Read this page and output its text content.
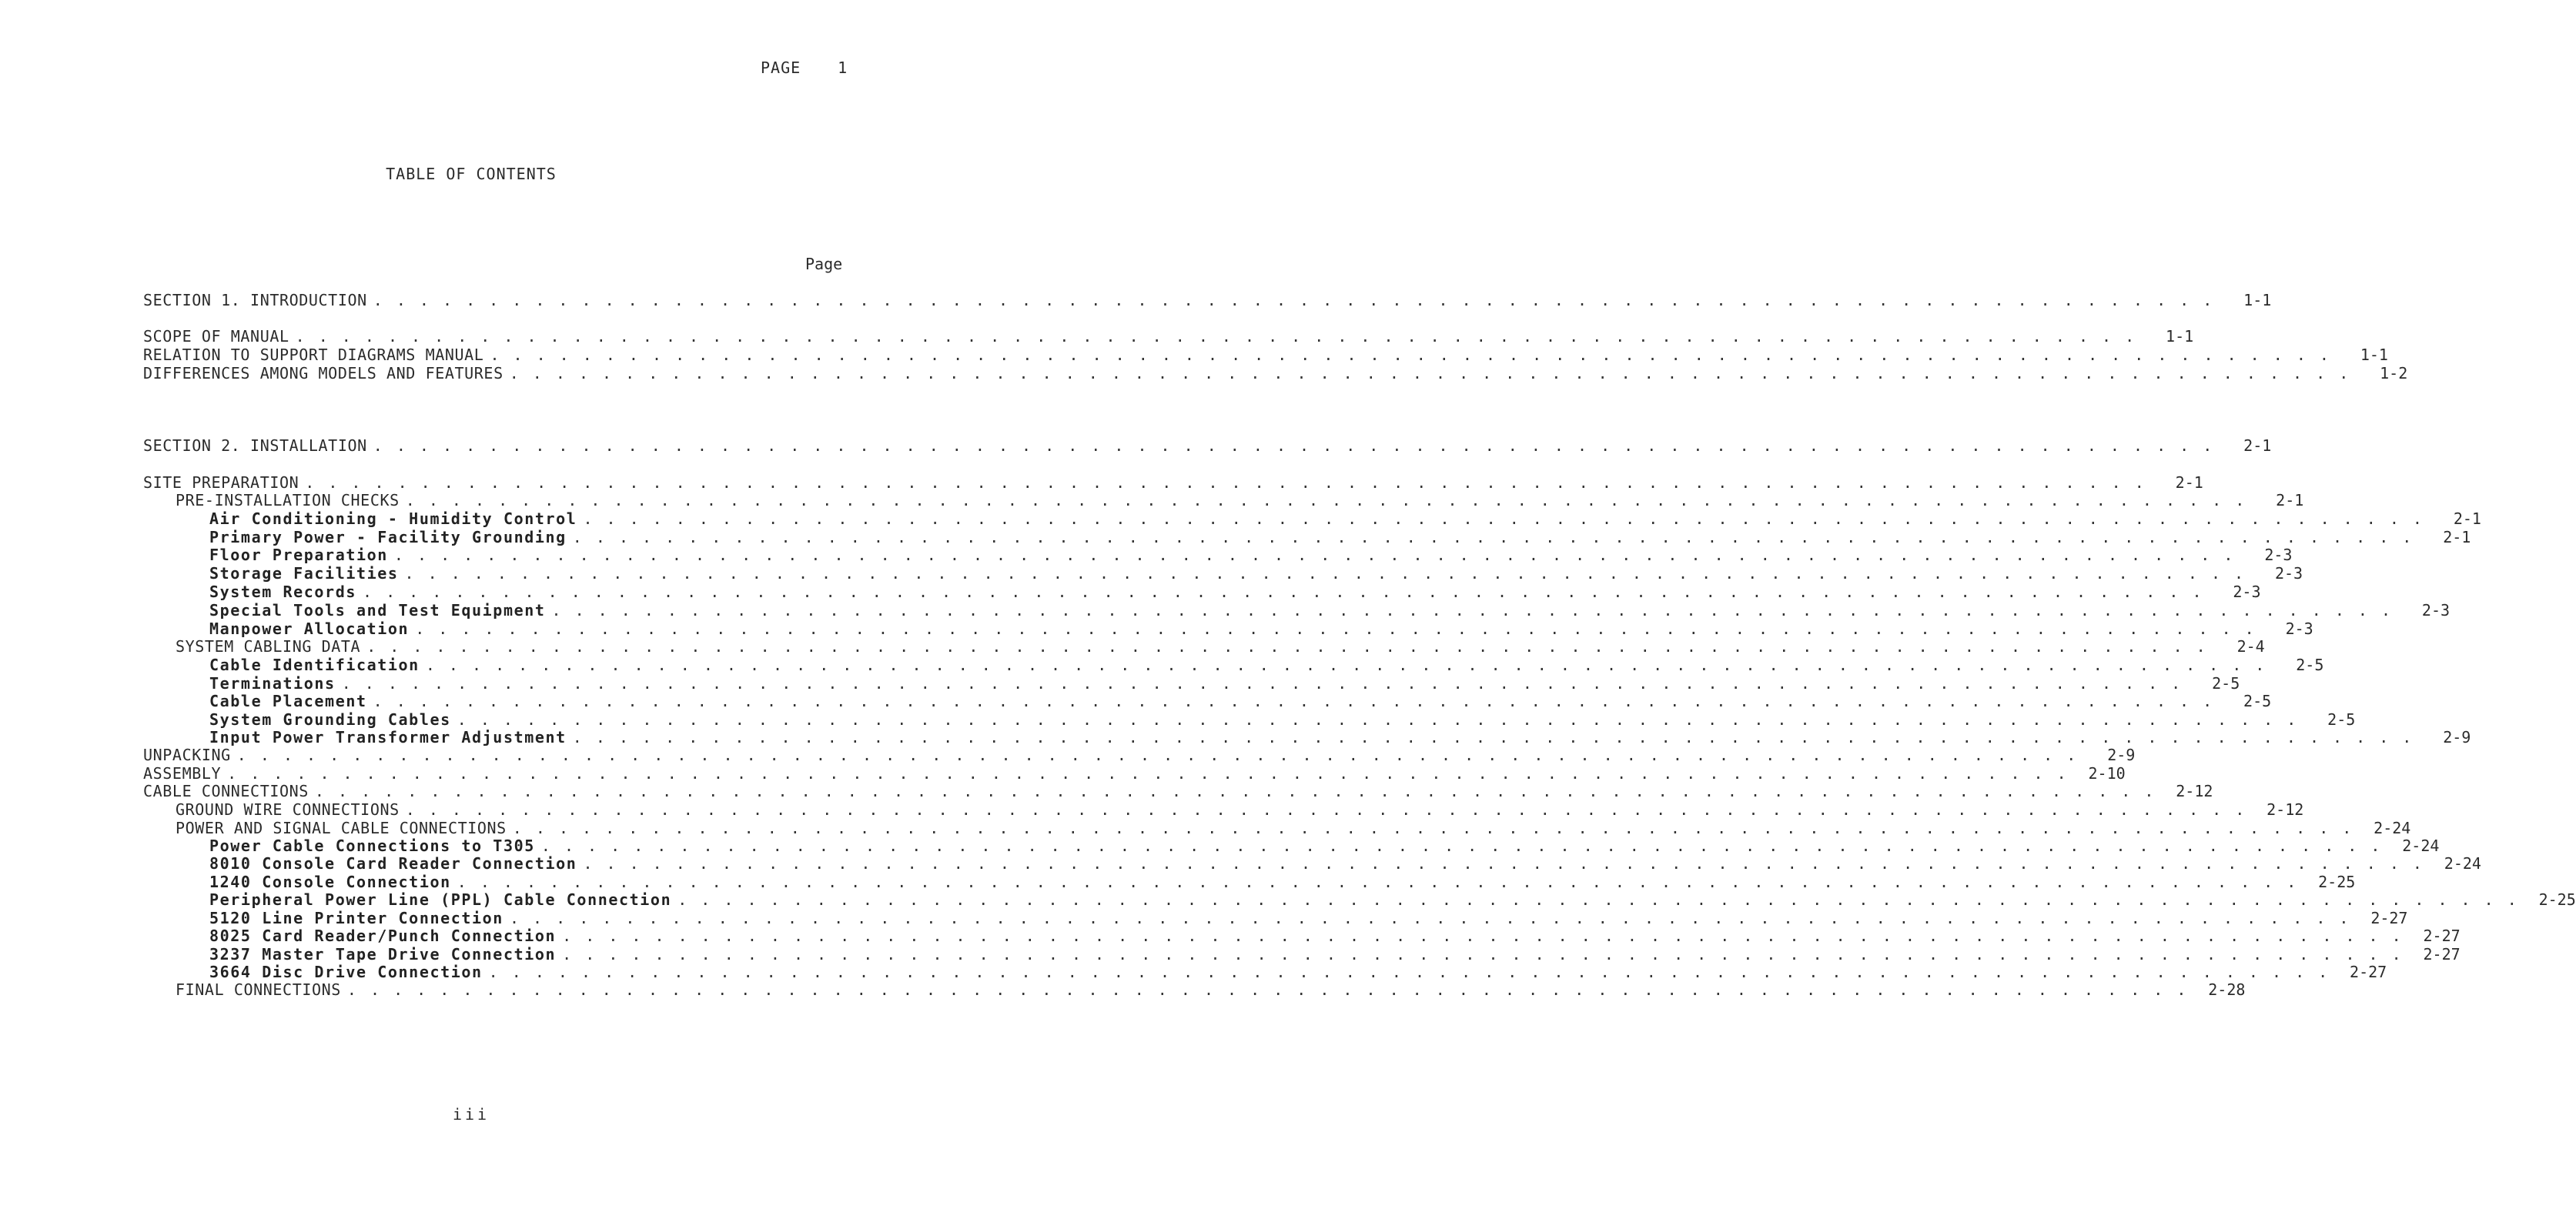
PAGE 1
TABLE OF CONTENTS
Page
SECTION 1. INTRODUCTION . . . . . . . . . . . . . . . . . . . . . . . . . . . . . . . . . . . . . . . . . . . . . . . . . . . . . . . . . . . . . . . . . . . . . . . . . . . . . . . .	1-1
SCOPE OF MANUAL . . . . . . . . . . . . . . . . . . . . . . . . . . . . . . . . . . . . . . . . . . . . . . . . . . . . . . . . . . . . . . . . . . . . . . . . . . . . . . . .	1-1
RELATION TO SUPPORT DIAGRAMS MANUAL . . . . . . . . . . . . . . . . . . . . . . . . . . . . . . . . . . . . . . . . . . . . . . . . . . . . . . . . . . . . . . . . . . . . . . . . . . . . . . . .	1-1
DIFFERENCES AMONG MODELS AND FEATURES . . . . . . . . . . . . . . . . . . . . . . . . . . . . . . . . . . . . . . . . . . . . . . . . . . . . . . . . . . . . . . . . . . . . . . . . . . . . . . . .	1-2
SECTION 2. INSTALLATION . . . . . . . . . . . . . . . . . . . . . . . . . . . . . . . . . . . . . . . . . . . . . . . . . . . . . . . . . . . . . . . . . . . . . . . . . . . . . . . .	2-1
SITE PREPARATION . . . . . . . . . . . . . . . . . . . . . . . . . . . . . . . . . . . . . . . . . . . . . . . . . . . . . . . . . . . . . . . . . . . . . . . . . . . . . . . .	2-1
PRE-INSTALLATION CHECKS . . . . . . . . . . . . . . . . . . . . . . . . . . . . . . . . . . . . . . . . . . . . . . . . . . . . . . . . . . . . . . . . . . . . . . . . . . . . . . . .	2-1
Air Conditioning - Humidity Control . . . . . . . . . . . . . . . . . . . . . . . . . . . . . . . . . . . . . . . . . . . . . . . . . . . . . . . . . . . . . . . . . . . . . . . . . . . . . . . .	2-1
Primary Power - Facility Grounding . . . . . . . . . . . . . . . . . . . . . . . . . . . . . . . . . . . . . . . . . . . . . . . . . . . . . . . . . . . . . . . . . . . . . . . . . . . . . . . .	2-1
Floor Preparation . . . . . . . . . . . . . . . . . . . . . . . . . . . . . . . . . . . . . . . . . . . . . . . . . . . . . . . . . . . . . . . . . . . . . . . . . . . . . . . .	2-3
Storage Facilities . . . . . . . . . . . . . . . . . . . . . . . . . . . . . . . . . . . . . . . . . . . . . . . . . . . . . . . . . . . . . . . . . . . . . . . . . . . . . . . .	2-3
System Records . . . . . . . . . . . . . . . . . . . . . . . . . . . . . . . . . . . . . . . . . . . . . . . . . . . . . . . . . . . . . . . . . . . . . . . . . . . . . . . .	2-3
Special Tools and Test Equipment . . . . . . . . . . . . . . . . . . . . . . . . . . . . . . . . . . . . . . . . . . . . . . . . . . . . . . . . . . . . . . . . . . . . . . . . . . . . . . . .	2-3
Manpower Allocation . . . . . . . . . . . . . . . . . . . . . . . . . . . . . . . . . . . . . . . . . . . . . . . . . . . . . . . . . . . . . . . . . . . . . . . . . . . . . . . .	2-3
SYSTEM CABLING DATA . . . . . . . . . . . . . . . . . . . . . . . . . . . . . . . . . . . . . . . . . . . . . . . . . . . . . . . . . . . . . . . . . . . . . . . . . . . . . . . .	2-4
Cable Identification . . . . . . . . . . . . . . . . . . . . . . . . . . . . . . . . . . . . . . . . . . . . . . . . . . . . . . . . . . . . . . . . . . . . . . . . . . . . . . . .	2-5
Terminations . . . . . . . . . . . . . . . . . . . . . . . . . . . . . . . . . . . . . . . . . . . . . . . . . . . . . . . . . . . . . . . . . . . . . . . . . . . . . . . .	2-5
Cable Placement . . . . . . . . . . . . . . . . . . . . . . . . . . . . . . . . . . . . . . . . . . . . . . . . . . . . . . . . . . . . . . . . . . . . . . . . . . . . . . . .	2-5
System Grounding Cables . . . . . . . . . . . . . . . . . . . . . . . . . . . . . . . . . . . . . . . . . . . . . . . . . . . . . . . . . . . . . . . . . . . . . . . . . . . . . . . .	2-5
Input Power Transformer Adjustment . . . . . . . . . . . . . . . . . . . . . . . . . . . . . . . . . . . . . . . . . . . . . . . . . . . . . . . . . . . . . . . . . . . . . . . . . . . . . . . .	2-9
UNPACKING . . . . . . . . . . . . . . . . . . . . . . . . . . . . . . . . . . . . . . . . . . . . . . . . . . . . . . . . . . . . . . . . . . . . . . . . . . . . . . . .	2-9
ASSEMBLY . . . . . . . . . . . . . . . . . . . . . . . . . . . . . . . . . . . . . . . . . . . . . . . . . . . . . . . . . . . . . . . . . . . . . . . . . . . . . . . .	2-10
CABLE CONNECTIONS . . . . . . . . . . . . . . . . . . . . . . . . . . . . . . . . . . . . . . . . . . . . . . . . . . . . . . . . . . . . . . . . . . . . . . . . . . . . . . . .	2-12
GROUND WIRE CONNECTIONS . . . . . . . . . . . . . . . . . . . . . . . . . . . . . . . . . . . . . . . . . . . . . . . . . . . . . . . . . . . . . . . . . . . . . . . . . . . . . . . .	2-12
POWER AND SIGNAL CABLE CONNECTIONS . . . . . . . . . . . . . . . . . . . . . . . . . . . . . . . . . . . . . . . . . . . . . . . . . . . . . . . . . . . . . . . . . . . . . . . . . . . . . . . .	2-24
Power Cable Connections to T305 . . . . . . . . . . . . . . . . . . . . . . . . . . . . . . . . . . . . . . . . . . . . . . . . . . . . . . . . . . . . . . . . . . . . . . . . . . . . . . . .	2-24
8010 Console Card Reader Connection . . . . . . . . . . . . . . . . . . . . . . . . . . . . . . . . . . . . . . . . . . . . . . . . . . . . . . . . . . . . . . . . . . . . . . . . . . . . . . . .	2-24
1240 Console Connection . . . . . . . . . . . . . . . . . . . . . . . . . . . . . . . . . . . . . . . . . . . . . . . . . . . . . . . . . . . . . . . . . . . . . . . . . . . . . . . .	2-25
Peripheral Power Line (PPL) Cable Connection . . . . . . . . . . . . . . . . . . . . . . . . . . . . . . . . . . . . . . . . . . . . . . . . . . . . . . . . . . . . . . . . . . . . . . . . . . . . . . . .	2-25
5120 Line Printer Connection . . . . . . . . . . . . . . . . . . . . . . . . . . . . . . . . . . . . . . . . . . . . . . . . . . . . . . . . . . . . . . . . . . . . . . . . . . . . . . . .	2-27
8025 Card Reader/Punch Connection . . . . . . . . . . . . . . . . . . . . . . . . . . . . . . . . . . . . . . . . . . . . . . . . . . . . . . . . . . . . . . . . . . . . . . . . . . . . . . . .	2-27
3237 Master Tape Drive Connection . . . . . . . . . . . . . . . . . . . . . . . . . . . . . . . . . . . . . . . . . . . . . . . . . . . . . . . . . . . . . . . . . . . . . . . . . . . . . . . .	2-27
3664 Disc Drive Connection . . . . . . . . . . . . . . . . . . . . . . . . . . . . . . . . . . . . . . . . . . . . . . . . . . . . . . . . . . . . . . . . . . . . . . . . . . . . . . . .	2-27
FINAL CONNECTIONS . . . . . . . . . . . . . . . . . . . . . . . . . . . . . . . . . . . . . . . . . . . . . . . . . . . . . . . . . . . . . . . . . . . . . . . . . . . . . . . .	2-28
iii
